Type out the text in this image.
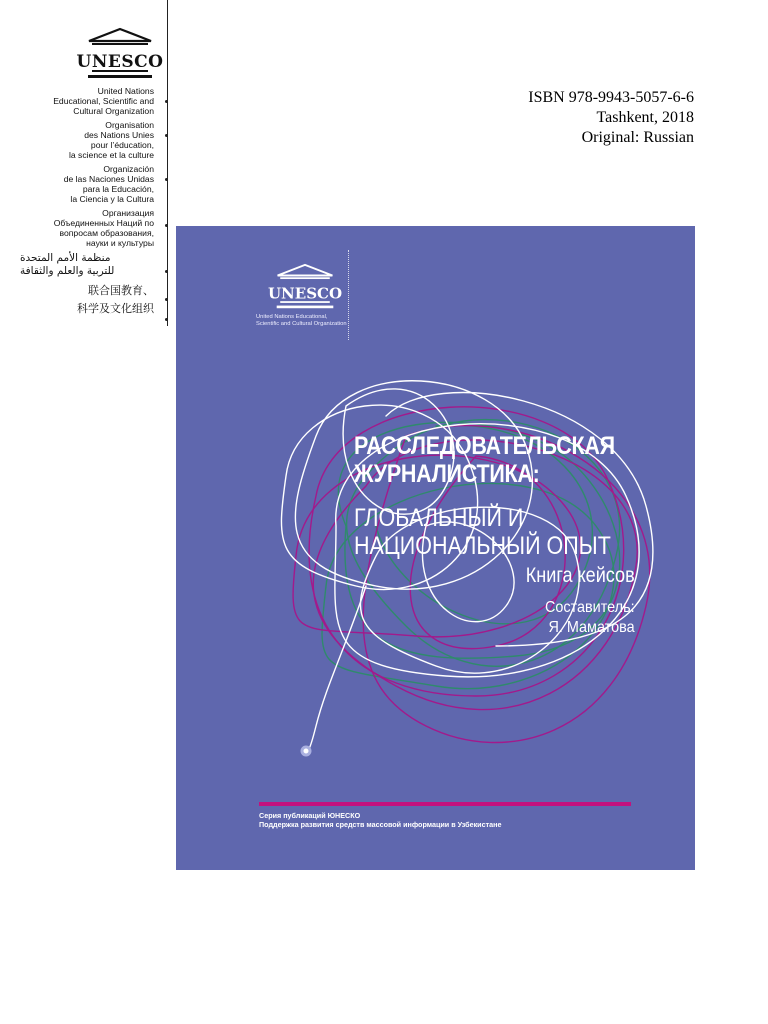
UNESCO
United Nations
Educational, Scientific and
Cultural Organization
Organisation
des Nations Unies
pour l’éducation,
la science et la culture
Organización
de las Naciones Unidas
para la Educación,
la Ciencia y la Cultura
Организация
Объединенных Наций по
вопросам образования,
науки и культуры
منظمة الأمم المتحدة
للتربية والعلم والثقافة
联合国教育、
科学及文化组织
ISBN 978-9943-5057-6-6
Tashkent, 2018
Original: Russian
UNESCO
United Nations Educational,
Scientific and Cultural Organization
РАССЛЕДОВАТЕЛЬСКАЯ
ЖУРНАЛИСТИКА:
ГЛОБАЛЬНЫЙ И
НАЦИОНАЛЬНЫЙ ОПЫТ
Книга кейсов
Составитель:
Я. Маматова
Серия публикаций ЮНЕСКО
Поддержка развития средств массовой информации в Узбекистане
